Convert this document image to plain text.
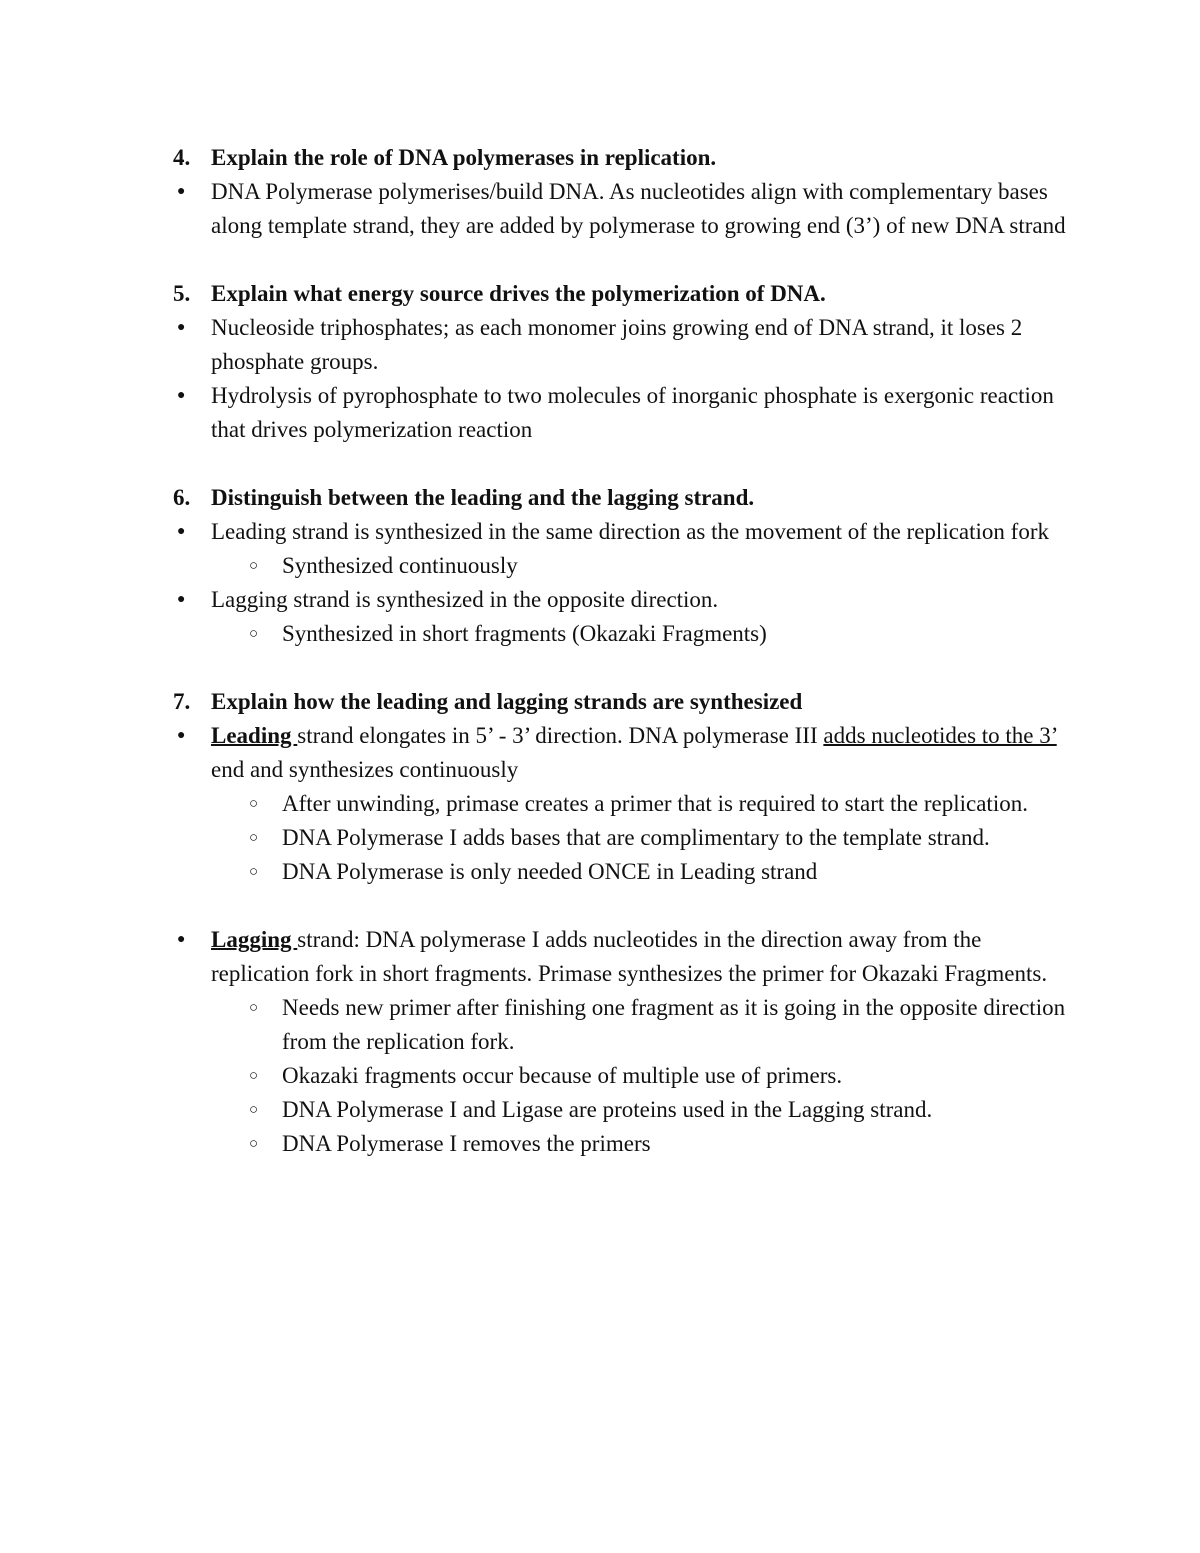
4. Explain the role of DNA polymerases in replication.
● DNA Polymerase polymerises/build DNA. As nucleotides align with complementary bases along template strand, they are added by polymerase to growing end (3’) of new DNA strand
5. Explain what energy source drives the polymerization of DNA.
● Nucleoside triphosphates; as each monomer joins growing end of DNA strand, it loses 2 phosphate groups.
● Hydrolysis of pyrophosphate to two molecules of inorganic phosphate is exergonic reaction that drives polymerization reaction
6. Distinguish between the leading and the lagging strand.
● Leading strand is synthesized in the same direction as the movement of the replication fork
○ Synthesized continuously
● Lagging strand is synthesized in the opposite direction.
○ Synthesized in short fragments (Okazaki Fragments)
7. Explain how the leading and lagging strands are synthesized
● Leading strand elongates in 5’ - 3’ direction. DNA polymerase III adds nucleotides to the 3’ end and synthesizes continuously
○ After unwinding, primase creates a primer that is required to start the replication.
○ DNA Polymerase I adds bases that are complimentary to the template strand.
○ DNA Polymerase is only needed ONCE in Leading strand
● Lagging strand: DNA polymerase I adds nucleotides in the direction away from the replication fork in short fragments. Primase synthesizes the primer for Okazaki Fragments.
○ Needs new primer after finishing one fragment as it is going in the opposite direction from the replication fork.
○ Okazaki fragments occur because of multiple use of primers.
○ DNA Polymerase I and Ligase are proteins used in the Lagging strand.
○ DNA Polymerase I removes the primers
